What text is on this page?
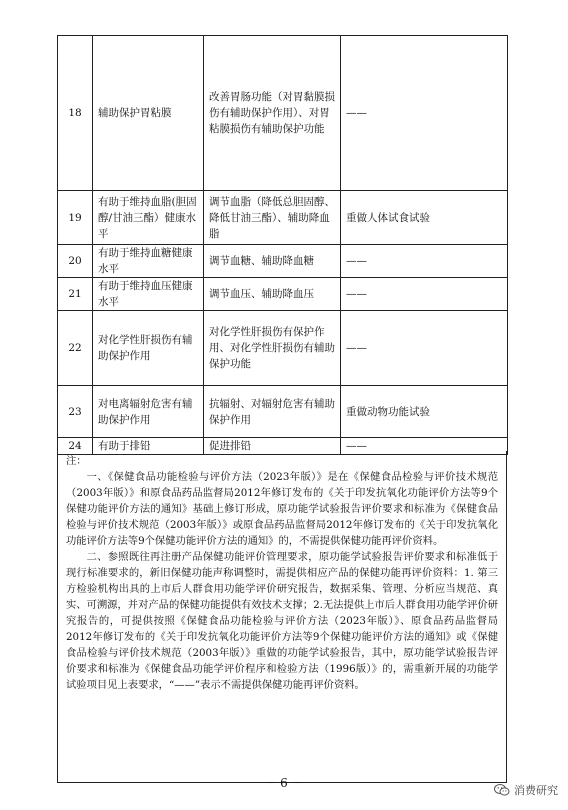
18	辅助保护胃粘膜	改善胃肠功能（对胃黏膜损伤有辅助保护作用）、对胃粘膜损伤有辅助保护功能	——
19	有助于维持血脂(胆固醇/甘油三酯）健康水平	调节血脂（降低总胆固醇、降低甘油三酯）、辅助降血脂	重做人体试食试验
20	有助于维持血糖健康水平	调节血糖、辅助降血糖	——
21	有助于维持血压健康水平	调节血压、辅助降血压	——
22	对化学性肝损伤有辅助保护作用	对化学性肝损伤有保护作用、对化学性肝损伤有辅助保护功能	——
23	对电离辐射危害有辅助保护作用	抗辐射、对辐射危害有辅助保护作用	重做动物功能试验
24	有助于排铅	促进排铅	——

注：

一、《保健食品功能检验与评价方法（2023年版）》是在《保健食品检验与评价技术规范（2003年版）》和原食品药品监督局2012年修订发布的《关于印发抗氧化功能评价方法等9个保健功能评价方法的通知》基础上修订形成，原功能学试验报告评价要求和标准为《保健食品检验与评价技术规范（2003年版）》或原食品药品监督局2012年修订发布的《关于印发抗氧化功能评价方法等9个保健功能评价方法的通知》的，不需提供保健功能再评价资料。

二、参照既往再注册产品保健功能评价管理要求，原功能学试验报告评价要求和标准低于现行标准要求的，新旧保健功能声称调整时，需提供相应产品的保健功能再评价资料：1. 第三方检验机构出具的上市后人群食用功能学评价研究报告，数据采集、管理、分析应当规范、真实、可溯源，并对产品的保健功能提供有效技术支撑；2.无法提供上市后人群食用功能学评价研究报告的，可提供按照《保健食品功能检验与评价方法（2023年版）》、原食品药品监督局2012年修订发布的《关于印发抗氧化功能评价方法等9个保健功能评价方法的通知》或《保健食品检验与评价技术规范（2003年版）》重做的功能学试验报告，其中，原功能学试验报告评价要求和标准为《保健食品功能学评价程序和检验方法（1996版）》的，需重新开展的功能学试验项目见上表要求，“——”表示不需提供保健功能再评价资料。

－ 6 －
消费研究
